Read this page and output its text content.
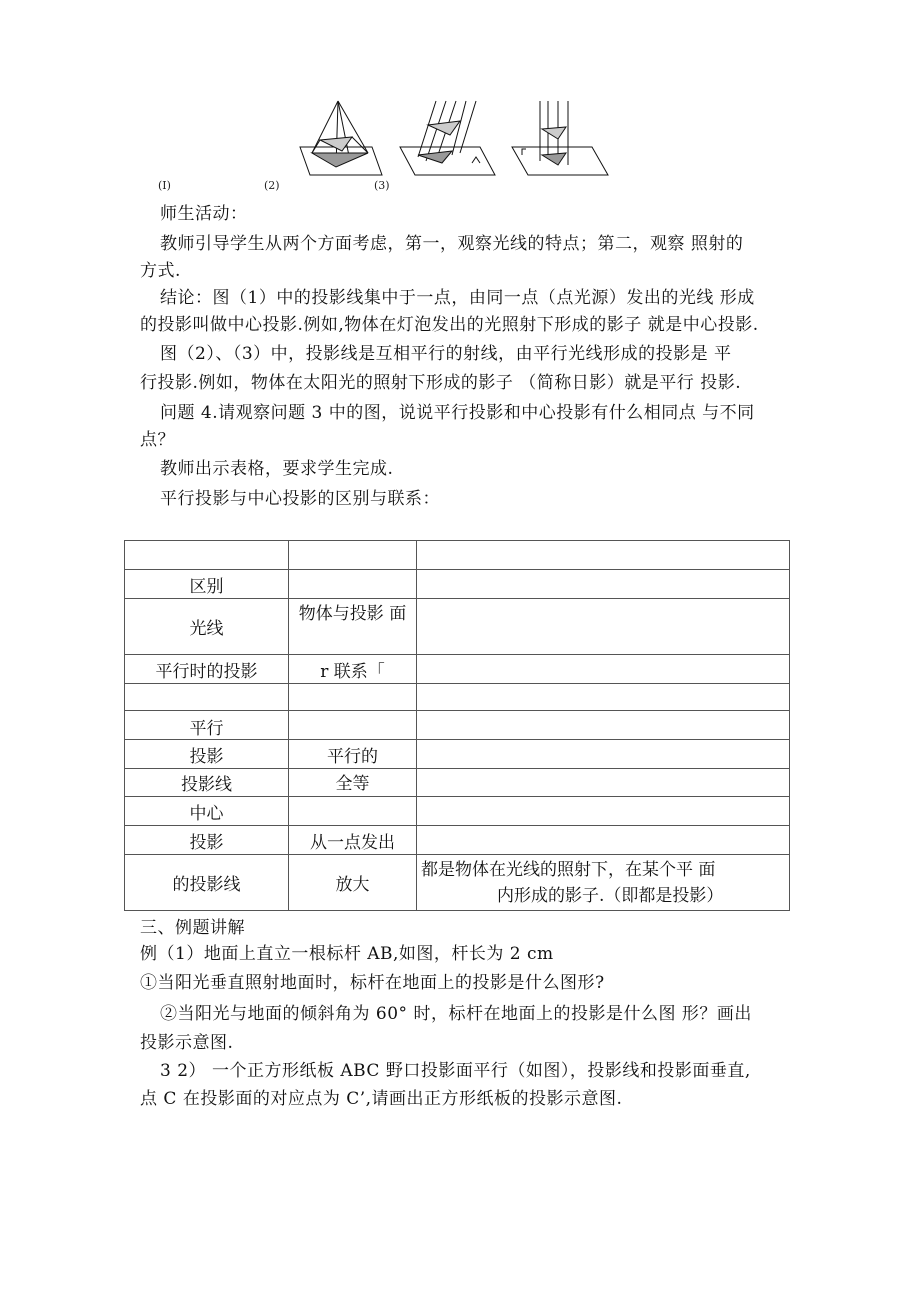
(I)	(2)	(3)
师生活动：
教师引导学生从两个方面考虑，第一，观察光线的特点；第二，观察 照射的
方式.
结论：图（1）中的投影线集中于一点，由同一点（点光源）发出的光线 形成
的投影叫做中心投影.例如,物体在灯泡发出的光照射下形成的影子 就是中心投影.
图（2）、（3）中，投影线是互相平行的射线，由平行光线形成的投影是 平
行投影.例如，物体在太阳光的照射下形成的影子 （简称日影）就是平行 投影.
问题 4.请观察问题 3 中的图，说说平行投影和中心投影有什么相同点 与不同
点？
教师出示表格，要求学生完成.
平行投影与中心投影的区别与联系：

区别		
光线	物体与投影 面	
平行时的投影	r 联系「	

平行		
投影	平行的	
投影线	全等	
中心		
投影	从一点发出	
的投影线	放大	都是物体在光线的照射下，在某个平 面
内形成的影子.（即都是投影）
三、例题讲解
例（1）地面上直立一根标杆 AB,如图，杆长为 2 cm
①当阳光垂直照射地面时，标杆在地面上的投影是什么图形?
②当阳光与地面的倾斜角为 60° 时，标杆在地面上的投影是什么图 形？画出
投影示意图.
3 2） 一个正方形纸板 ABC 野口投影面平行（如图），投影线和投影面垂直,
点 C 在投影面的对应点为 C’,请画出正方形纸板的投影示意图.
